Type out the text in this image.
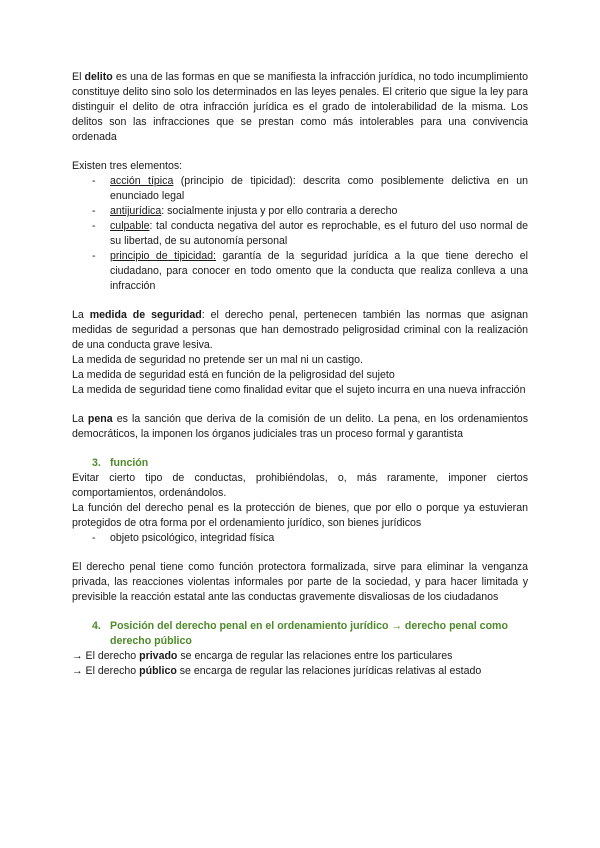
El delito es una de las formas en que se manifiesta la infracción jurídica, no todo incumplimiento constituye delito sino solo los determinados en las leyes penales. El criterio que sigue la ley para distinguir el delito de otra infracción jurídica es el grado de intolerabilidad de la misma. Los delitos son las infracciones que se prestan como más intolerables para una convivencia ordenada

Existen tres elementos:

- acción típica (principio de tipicidad): descrita como posiblemente delictiva en un enunciado legal
- antijurídica: socialmente injusta y por ello contraria a derecho
- culpable: tal conducta negativa del autor es reprochable, es el futuro del uso normal de su libertad, de su autonomía personal
- principio de tipicidad: garantía de la seguridad jurídica a la que tiene derecho el ciudadano, para conocer en todo omento que la conducta que realiza conlleva a una infracción

La medida de seguridad: el derecho penal, pertenecen también las normas que asignan medidas de seguridad a personas que han demostrado peligrosidad criminal con la realización de una conducta grave lesiva.

La medida de seguridad no pretende ser un mal ni un castigo.

La medida de seguridad está en función de la peligrosidad del sujeto

La medida de seguridad tiene como finalidad evitar que el sujeto incurra en una nueva infracción

La pena es la sanción que deriva de la comisión de un delito. La pena, en los ordenamientos democráticos, la imponen los órganos judiciales tras un proceso formal y garantista

3. función

Evitar cierto tipo de conductas, prohibiéndolas, o, más raramente, imponer ciertos comportamientos, ordenándolos.

La función del derecho penal es la protección de bienes, que por ello o porque ya estuvieran protegidos de otra forma por el ordenamiento jurídico, son bienes jurídicos

- objeto psicológico, integridad física

El derecho penal tiene como función protectora formalizada, sirve para eliminar la venganza privada, las reacciones violentas informales por parte de la sociedad, y para hacer limitada y previsible la reacción estatal ante las conductas gravemente disvaliosas de los ciudadanos

4. Posición del derecho penal en el ordenamiento jurídico → derecho penal como derecho público

→ El derecho privado se encarga de regular las relaciones entre los particulares

→ El derecho público se encarga de regular las relaciones jurídicas relativas al estado
